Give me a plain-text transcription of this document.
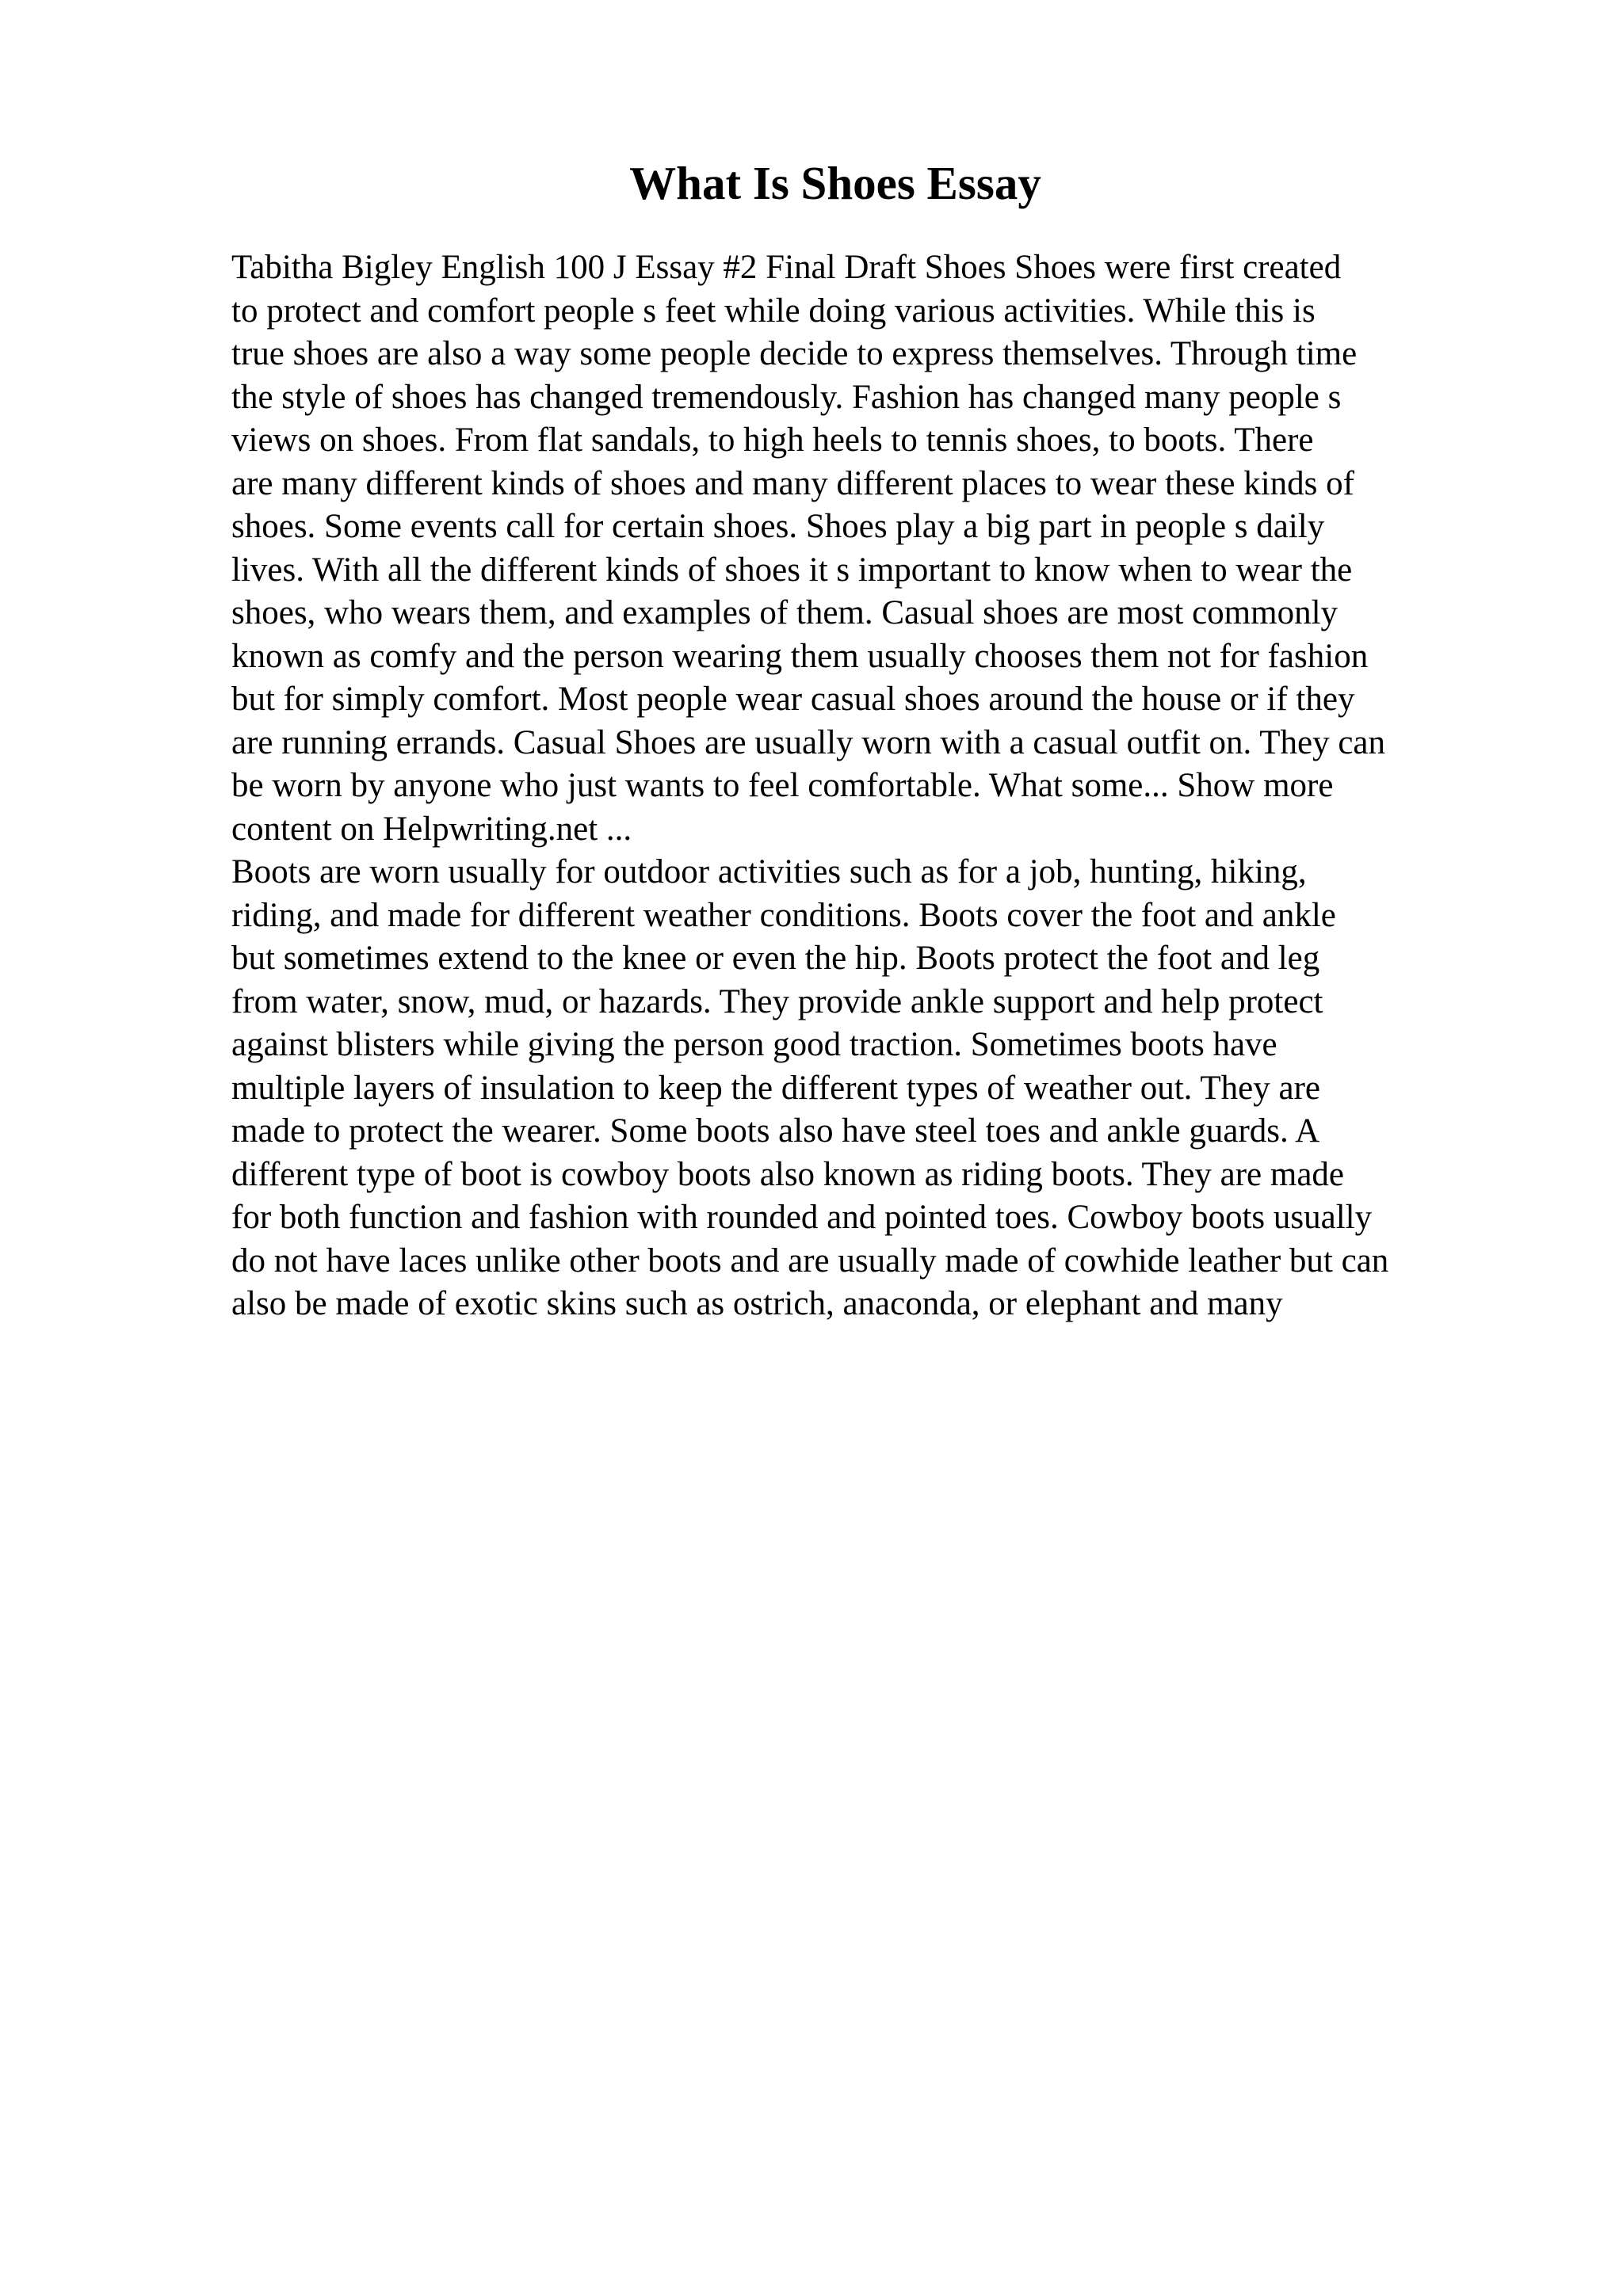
What Is Shoes Essay
Tabitha Bigley English 100 J Essay #2 Final Draft Shoes Shoes were first created
to protect and comfort people s feet while doing various activities. While this is
true shoes are also a way some people decide to express themselves. Through time
the style of shoes has changed tremendously. Fashion has changed many people s
views on shoes. From flat sandals, to high heels to tennis shoes, to boots. There
are many different kinds of shoes and many different places to wear these kinds of
shoes. Some events call for certain shoes. Shoes play a big part in people s daily
lives. With all the different kinds of shoes it s important to know when to wear the
shoes, who wears them, and examples of them. Casual shoes are most commonly
known as comfy and the person wearing them usually chooses them not for fashion
but for simply comfort. Most people wear casual shoes around the house or if they
are running errands. Casual Shoes are usually worn with a casual outfit on. They can
be worn by anyone who just wants to feel comfortable. What some... Show more
content on Helpwriting.net ...
Boots are worn usually for outdoor activities such as for a job, hunting, hiking,
riding, and made for different weather conditions. Boots cover the foot and ankle
but sometimes extend to the knee or even the hip. Boots protect the foot and leg
from water, snow, mud, or hazards. They provide ankle support and help protect
against blisters while giving the person good traction. Sometimes boots have
multiple layers of insulation to keep the different types of weather out. They are
made to protect the wearer. Some boots also have steel toes and ankle guards. A
different type of boot is cowboy boots also known as riding boots. They are made
for both function and fashion with rounded and pointed toes. Cowboy boots usually
do not have laces unlike other boots and are usually made of cowhide leather but can
also be made of exotic skins such as ostrich, anaconda, or elephant and many
